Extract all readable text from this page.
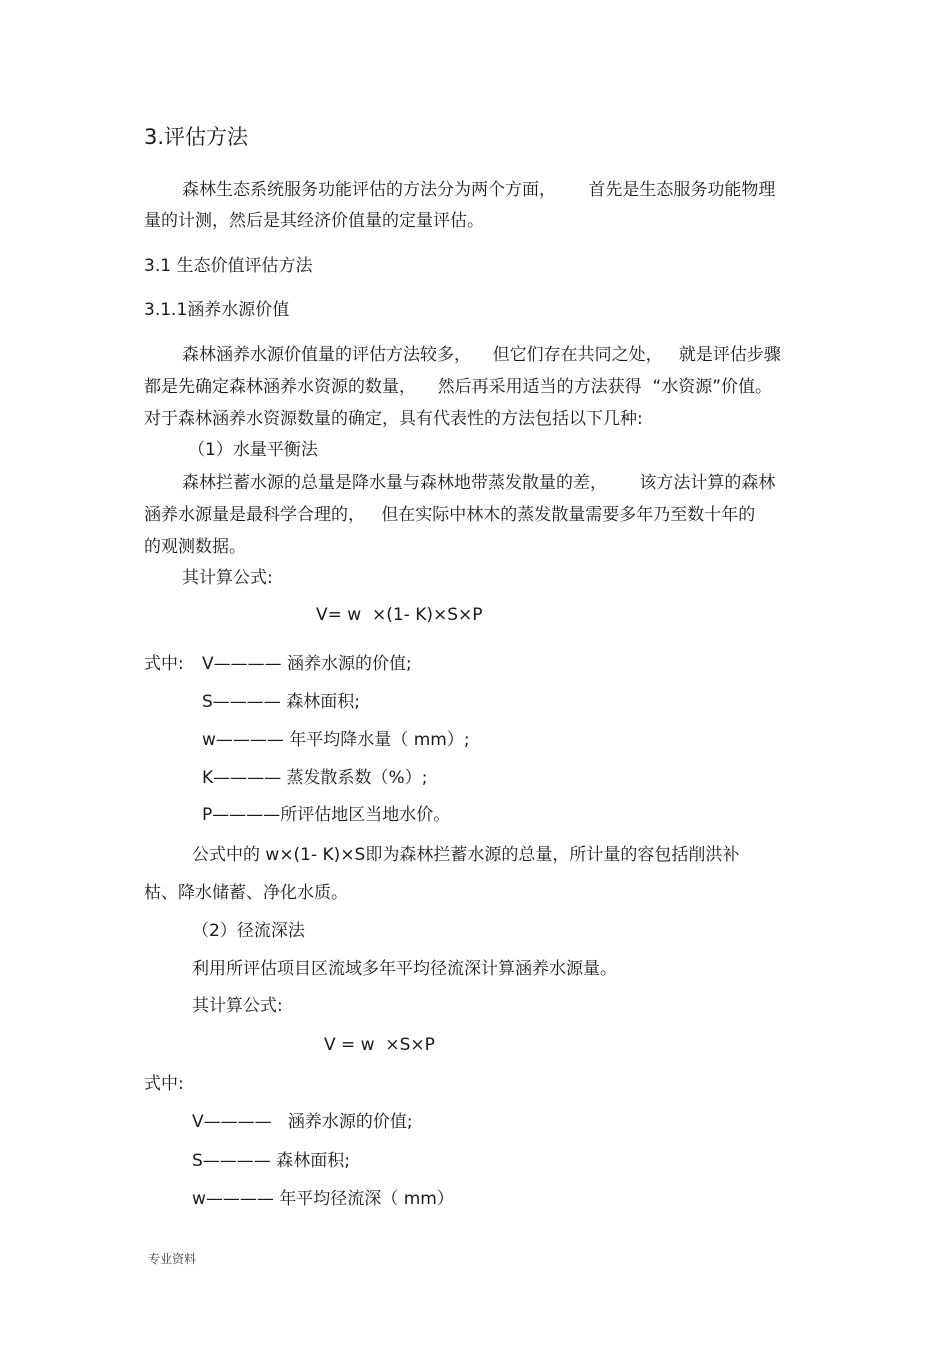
3.评估方法
森林生态系统服务功能评估的方法分为两个方面，      首先是生态服务功能物理
量的计测，然后是其经济价值量的定量评估。
3.1 生态价值评估方法
3.1.1涵养水源价值
森林涵养水源价值量的评估方法较多，    但它们存在共同之处，   就是评估步骤
都是先确定森林涵养水资源的数量，    然后再采用适当的方法获得  “水资源”价值。
对于森林涵养水资源数量的确定，具有代表性的方法包括以下几种:
（1）水量平衡法
森林拦蓄水源的总量是降水量与森林地带蒸发散量的差，      该方法计算的森林
涵养水源量是最科学合理的，   但在实际中林木的蒸发散量需要多年乃至数十年的
的观测数据。
其计算公式:
V= w  ×(1- K)×S×P
式中: V———— 涵养水源的价值;
S———— 森林面积;
w———— 年平均降水量（ mm）;
K———— 蒸发散系数（%）;
P————所评估地区当地水价。
公式中的 w×(1- K)×S即为森林拦蓄水源的总量，所计量的容包括削洪补
枯、降水储蓄、净化水质。
（2）径流深法
利用所评估项目区流域多年平均径流深计算涵养水源量。
其计算公式:
V = w  ×S×P
式中:
V————   涵养水源的价值;
S———— 森林面积;
w———— 年平均径流深（ mm）
专业资料
